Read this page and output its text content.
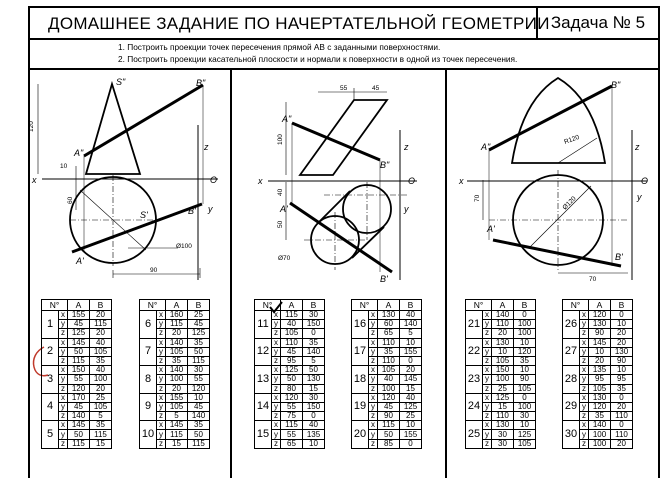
ДОМАШНЕЕ ЗАДАНИЕ ПО НАЧЕРТАТЕЛЬНОЙ ГЕОМЕТРИИ Задача № 5
1. Построить проекции точек пересечения прямой АВ с заданными поверхностями.
2. Построить проекции касательной плоскости и нормали к поверхности в одной из точек пересечения.
B"
S"
A"
S'	B'
A'
x	O
z
y
120
10
60
90
Ø100
A"
B"
A'
B'
x	O
z
y
55	45
100
40
50
Ø70
B"
A"
A'
B'
x	O
z
y
R120
Ø120
70
70
N°		A	B
1	x	155	20
	y	45	115
	z	125	20
2	x	145	40
	y	50	105
	z	115	35
3	x	150	40
	y	55	100
	z	120	20
4	x	170	25
	y	45	105
	z	140	5
5	x	145	35
	y	50	115
	z	115	15
N°		A	B
6	x	160	25
	y	115	45
	z	20	125
7	x	140	35
	y	105	50
	z	35	115
8	x	140	30
	y	100	55
	z	20	120
9	x	155	10
	y	105	45
	z	5	140
10	x	145	35
	y	115	50
	z	15	115
N°		A	B
11	x	115	30
	y	40	150
	z	105	0
12	x	110	35
	y	45	140
	z	95	5
13	x	125	50
	y	50	130
	z	80	15
14	x	120	30
	y	55	150
	z	75	0
15	x	115	40
	y	55	135
	z	65	10
N°		A	B
16	x	130	40
	y	60	140
	z	65	5
17	x	110	10
	y	35	155
	z	110	0
18	x	105	20
	y	40	145
	z	100	15
19	x	120	40
	y	45	125
	z	90	25
20	x	115	10
	y	50	155
	z	85	0
N°		A	B
21	x	140	0
	y	110	100
	z	20	100
22	x	130	10
	y	10	120
	z	105	35
23	x	150	10
	y	100	90
	z	25	105
24	x	125	0
	y	15	100
	z	110	30
25	x	130	10
	y	30	125
	z	30	105
N°		A	B
26	x	120	0
	y	130	10
	z	90	20
27	x	145	20
	y	10	130
	z	20	90
28	x	135	10
	y	95	95
	z	105	35
29	x	130	0
	y	120	20
	z	35	110
30	x	140	0
	y	100	110
	z	100	20
